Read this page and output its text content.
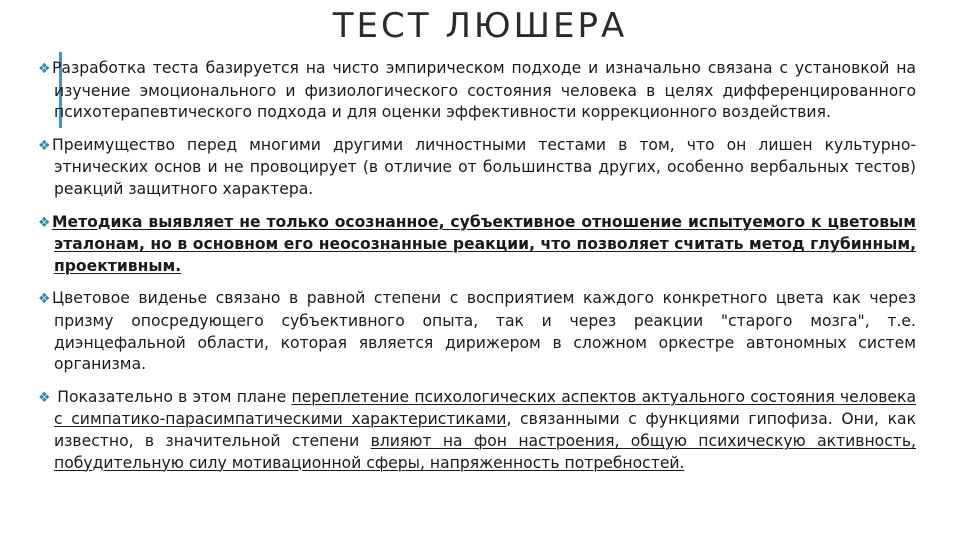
ТЕСТ ЛЮШЕРА

❖Разработка теста базируется на чисто эмпирическом подходе и изначально связана с установкой на изучение эмоционального и физиологического состояния человека в целях дифференцированного психотерапевтического подхода и для оценки эффективности коррекционного воздействия.

❖Преимущество перед многими другими личностными тестами в том, что он лишен культурно-этнических основ и не провоцирует (в отличие от большинства других, особенно вербальных тестов) реакций защитного характера.

❖Методика выявляет не только осознанное, субъективное отношение испытуемого к цветовым эталонам, но в основном его неосознанные реакции, что позволяет считать метод глубинным, проективным.

❖Цветовое виденье связано в равной степени с восприятием каждого конкретного цвета как через призму опосредующего субъективного опыта, так и через реакции "старого мозга", т.е. диэнцефальной области, которая является дирижером в сложном оркестре автономных систем организма.

❖ Показательно в этом плане переплетение психологических аспектов актуального состояния человека с симпатико-парасимпатическими характеристиками, связанными с функциями гипофиза. Они, как известно, в значительной степени влияют на фон настроения, общую психическую активность, побудительную силу мотивационной сферы, напряженность потребностей.
